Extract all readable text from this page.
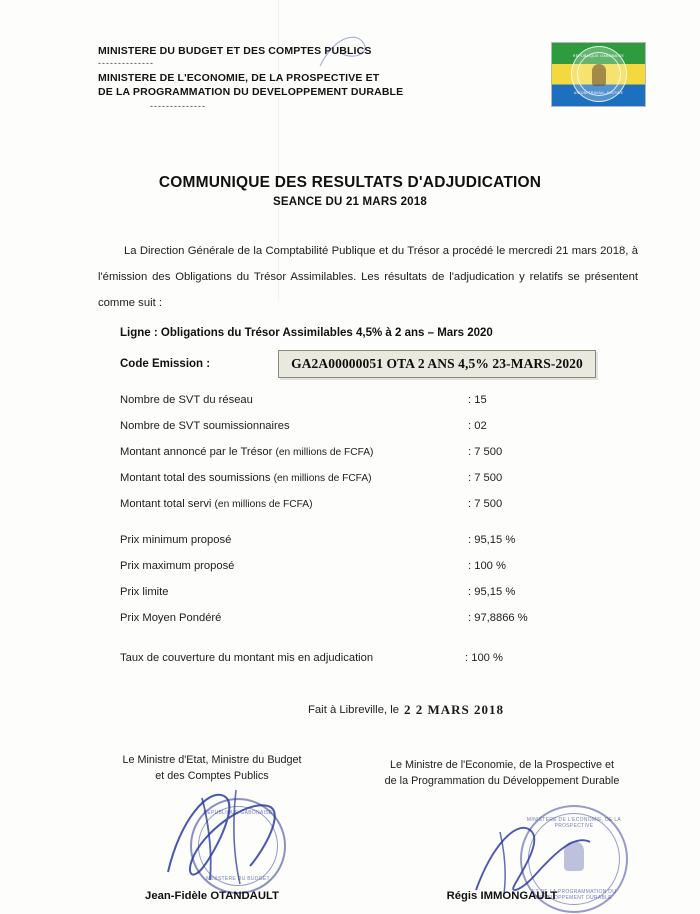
MINISTERE DU BUDGET ET DES COMPTES PUBLICS
--------------
MINISTERE DE L'ECONOMIE, DE LA PROSPECTIVE ET
DE LA PROGRAMMATION DU DEVELOPPEMENT DURABLE
--------------
REPUBLIQUE GABONAISE
UNION-TRAVAIL-JUSTICE
COMMUNIQUE DES RESULTATS D'ADJUDICATION
SEANCE DU 21 MARS 2018
La Direction Générale de la Comptabilité Publique et du Trésor a procédé le mercredi 21 mars 2018, à l'émission des Obligations du Trésor Assimilables. Les résultats de l'adjudication y relatifs se présentent comme suit :
Ligne : Obligations du Trésor Assimilables 4,5% à 2 ans – Mars 2020
Code Emission :	GA2A00000051 OTA 2 ANS 4,5% 23-MARS-2020
Nombre de SVT du réseau	: 15
Nombre de SVT soumissionnaires	: 02
Montant annoncé par le Trésor (en millions de FCFA)	: 7 500
Montant total des soumissions (en millions de FCFA)	: 7 500
Montant total servi (en millions de FCFA)	: 7 500
Prix minimum proposé	: 95,15 %
Prix maximum proposé	: 100 %
Prix limite	: 95,15 %
Prix Moyen Pondéré	: 97,8866 %
Taux de couverture du montant mis en adjudication	: 100 %
Fait à Libreville, le 2 2 MARS 2018
Le Ministre d'Etat, Ministre du Budget
et des Comptes Publics
Le Ministre de l'Economie, de la Prospective et
de la Programmation du Développement Durable
REPUBLIQUE GABONAISE
MINISTERE DU BUDGET
MINISTERE DE L'ECONOMIE, DE LA PROSPECTIVE
ET DE LA PROGRAMMATION DU DEVELOPPEMENT DURABLE
Jean-Fidèle OTANDAULT	Régis IMMONGAULT
